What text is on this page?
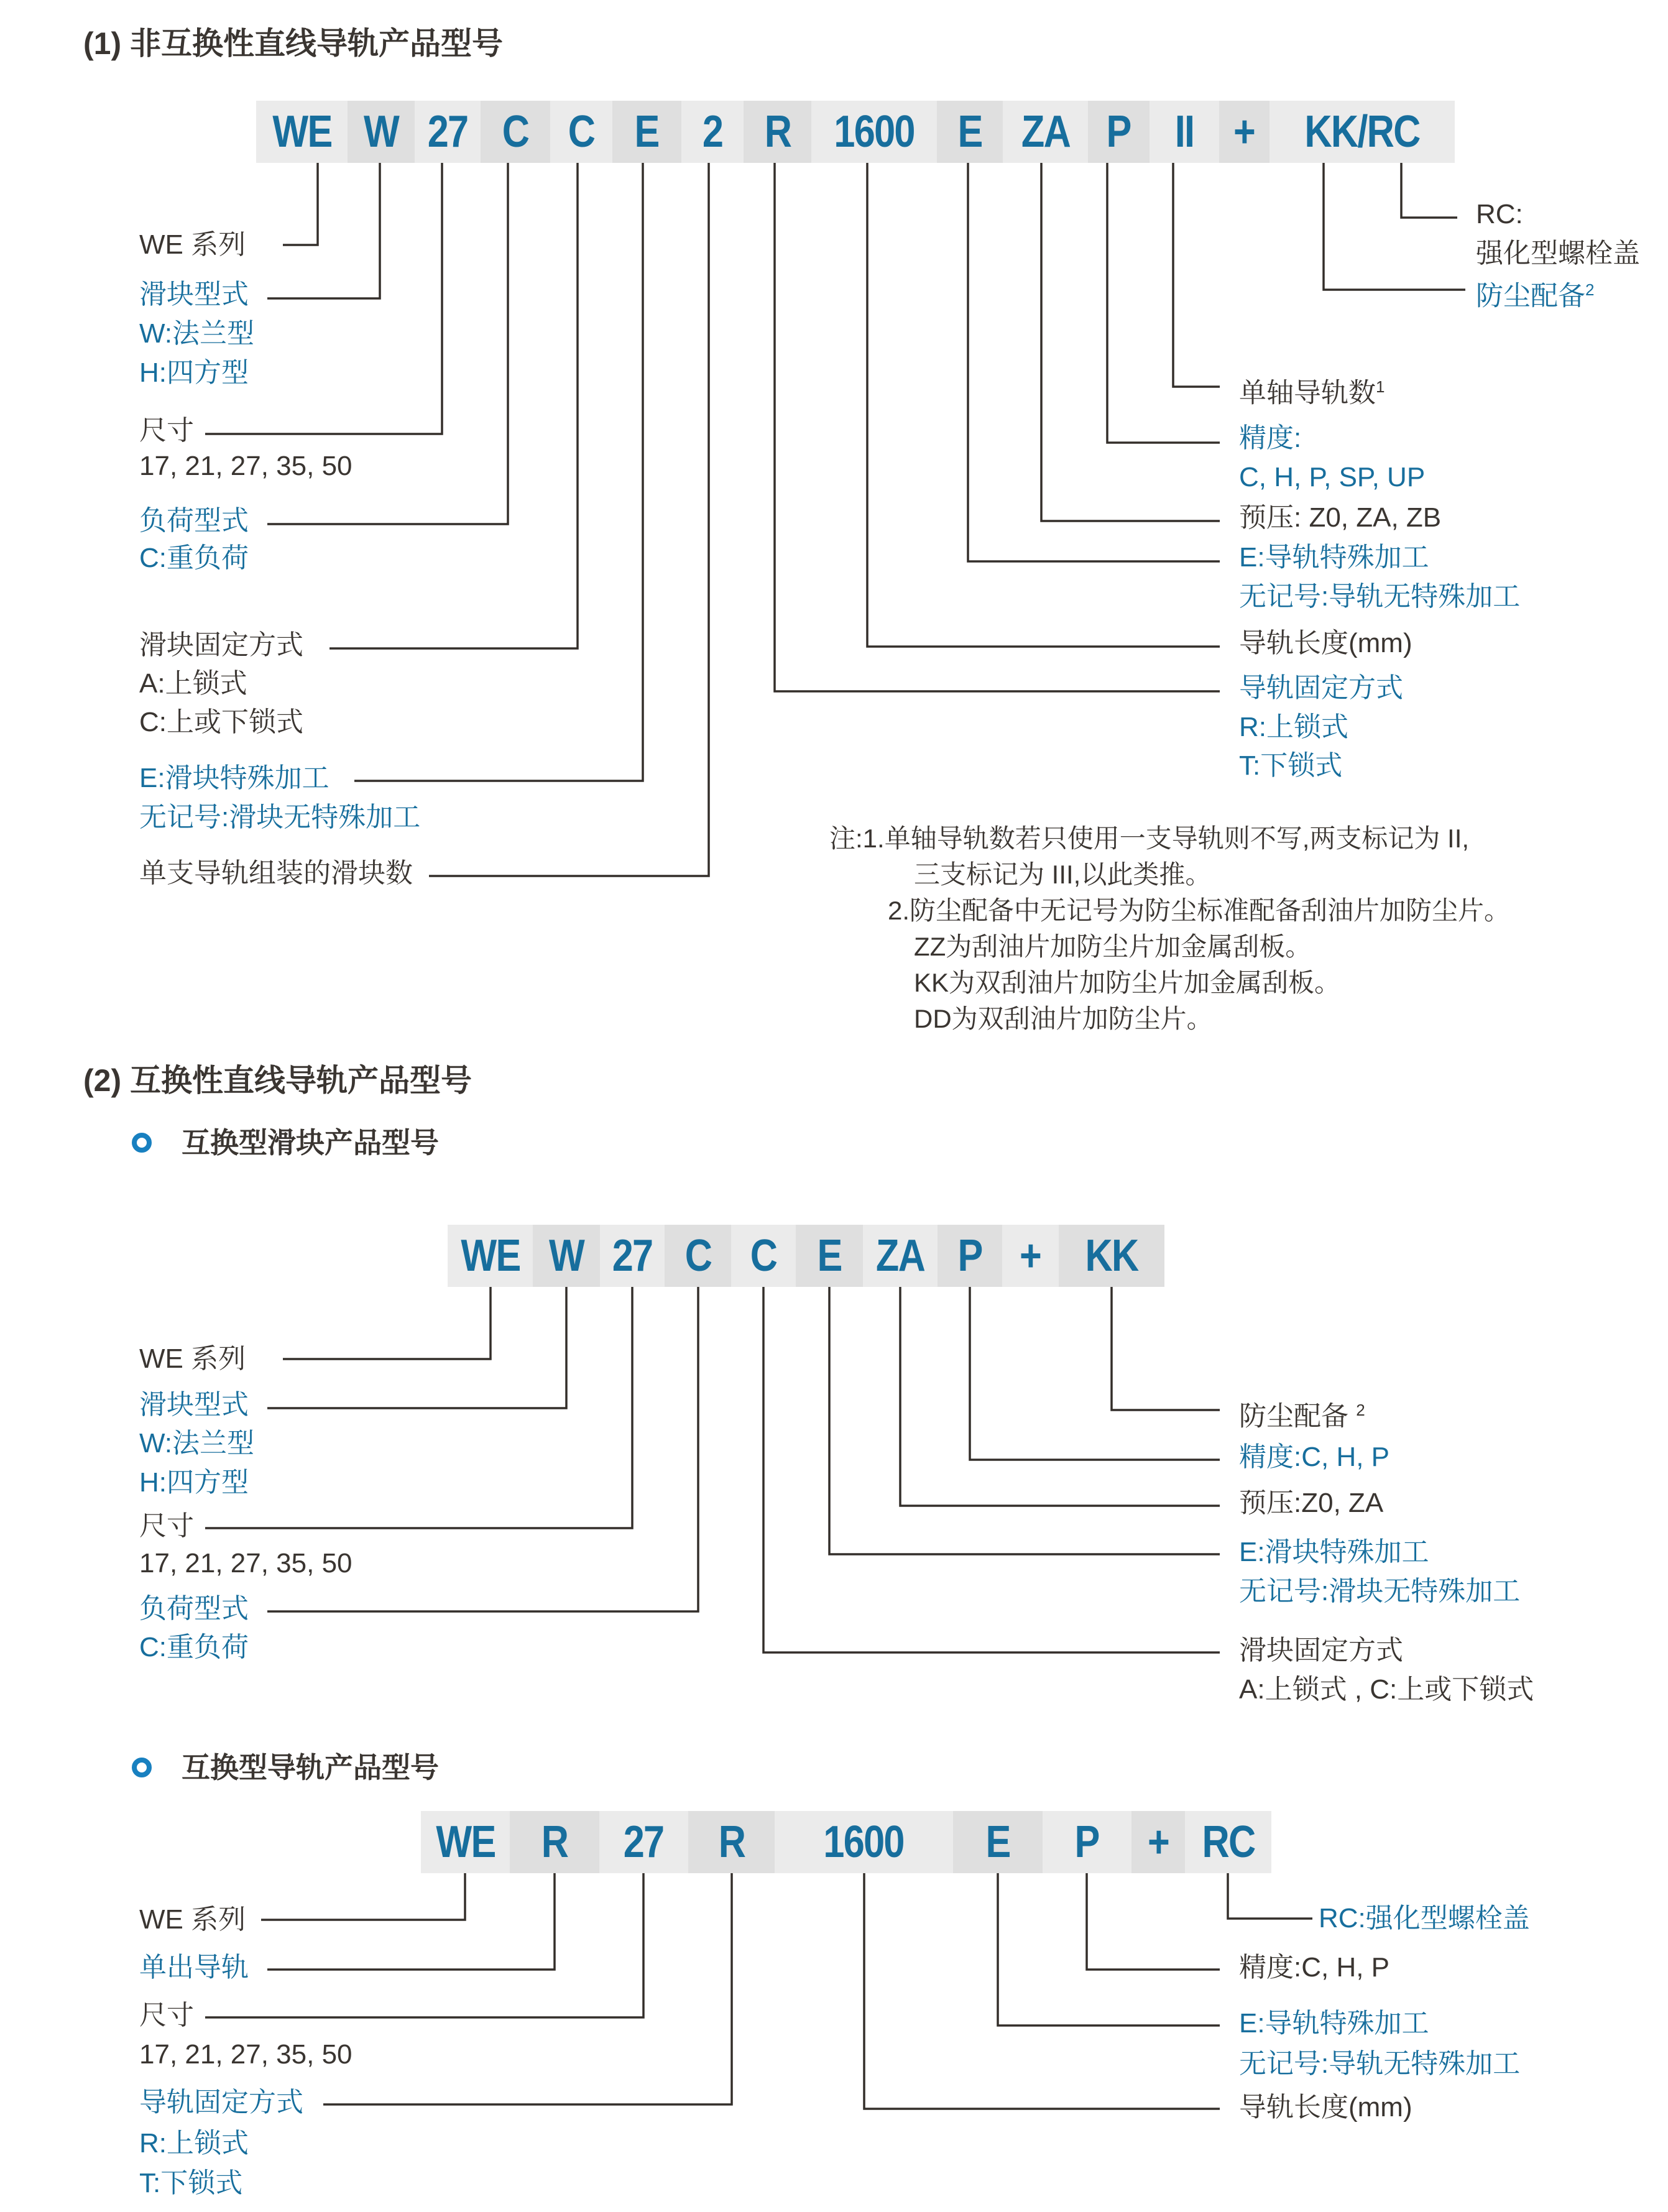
(1) 非互换性直线导轨产品型号
WE W 27 C C E 2 R 1600 E ZA P II + KK/RC
WE 系列
滑块型式
W:法兰型
H:四方型
尺寸
17, 21, 27, 35, 50
负荷型式
C:重负荷
滑块固定方式
A:上锁式
C:上或下锁式
E:滑块特殊加工
无记号:滑块无特殊加工
单支导轨组装的滑块数
RC:
强化型螺栓盖
防尘配备$^2$
单轴导轨数$^1$
精度:
C, H, P, SP, UP
预压: Z0, ZA, ZB
E:导轨特殊加工
无记号:导轨无特殊加工
导轨长度(mm)
导轨固定方式
R:上锁式
T:下锁式
注:1.单轴导轨数若只使用一支导轨则不写,两支标记为 II,
三支标记为 III,以此类推。
2.防尘配备中无记号为防尘标准配备刮油片加防尘片。
ZZ为刮油片加防尘片加金属刮板。
KK为双刮油片加防尘片加金属刮板。
DD为双刮油片加防尘片。
(2) 互换性直线导轨产品型号
互换型滑块产品型号
WE W 27 C C E ZA P + KK
WE 系列
滑块型式
W:法兰型
H:四方型
尺寸
17, 21, 27, 35, 50
负荷型式
C:重负荷
防尘配备 $^2$
精度:C, H, P
预压:Z0, ZA
E:滑块特殊加工
无记号:滑块无特殊加工
滑块固定方式
A:上锁式 , C:上或下锁式
互换型导轨产品型号
WE R 27 R 1600 E P + RC
WE 系列
单出导轨
尺寸
17, 21, 27, 35, 50
导轨固定方式
R:上锁式
T:下锁式
RC:强化型螺栓盖
精度:C, H, P
E:导轨特殊加工
无记号:导轨无特殊加工
导轨长度(mm)
